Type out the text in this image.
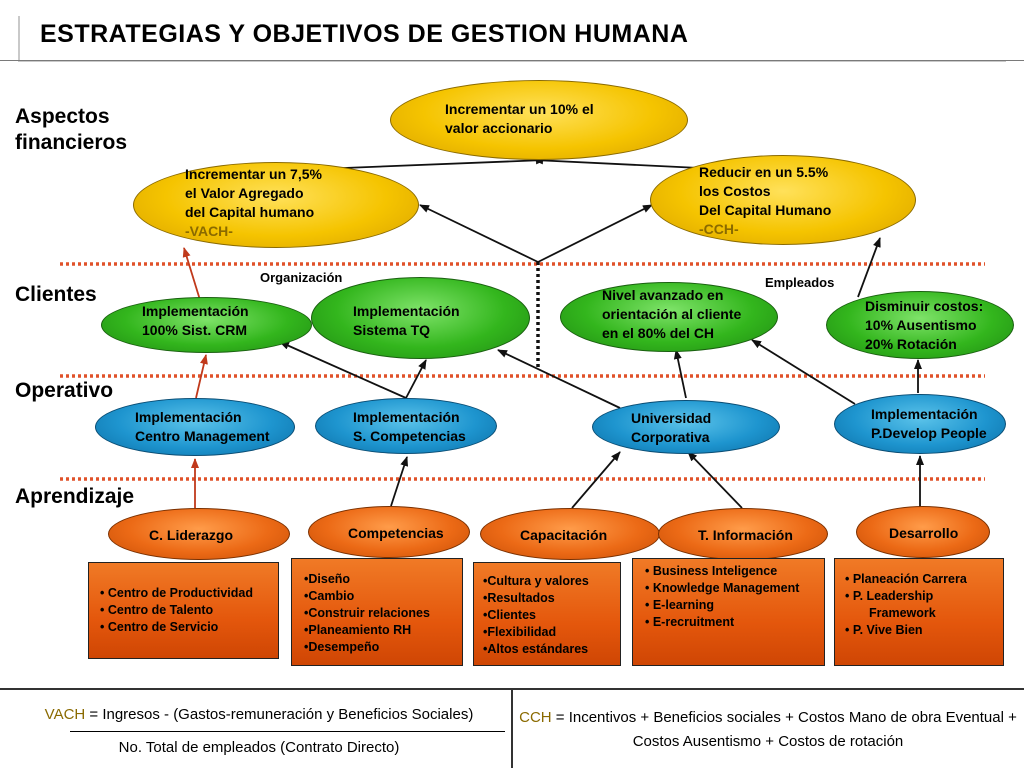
ESTRATEGIAS Y OBJETIVOS DE GESTION HUMANA
Aspectos
financieros
Clientes
Operativo
Aprendizaje
Incrementar un 10% el
valor accionario
Incrementar un 7,5%
el Valor Agregado
del Capital humano
-VACH-
Reducir en un 5.5%
los Costos
Del Capital Humano
-CCH-
Organización	Empleados
Implementación
100% Sist. CRM
Implementación
Sistema TQ
Nivel avanzado en
orientación al cliente
en el 80% del CH
Disminuir costos:
10% Ausentismo
20% Rotación
Implementación
Centro Management
Implementación
S. Competencias
Universidad
Corporativa
Implementación
P.Develop People
C. Liderazgo	Competencias	Capacitación	T. Información	Desarrollo
• Centro de Productividad
• Centro de Talento
• Centro de Servicio
•Diseño
•Cambio
•Construir relaciones
•Planeamiento RH
•Desempeño
•Cultura y valores
•Resultados
•Clientes
•Flexibilidad
•Altos estándares
• Business Inteligence
• Knowledge Management
• E-learning
• E-recruitment
• Planeación Carrera
• P. Leadership
Framework
• P. Vive Bien
VACH = Ingresos - (Gastos-remuneración y Beneficios Sociales)
No. Total de empleados (Contrato Directo)
CCH = Incentivos + Beneficios sociales + Costos Mano de obra Eventual + Costos Ausentismo + Costos de rotación
